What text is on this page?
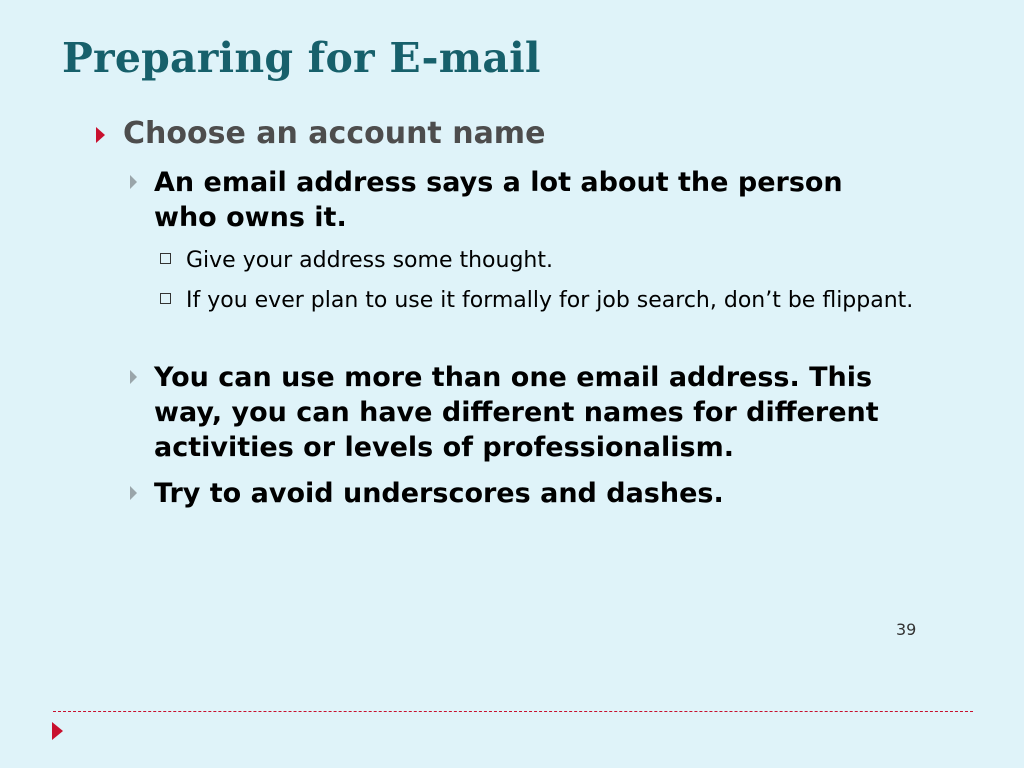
Preparing for E-mail
Choose an account name
An email address says a lot about the person who owns it.
Give your address some thought.
If you ever plan to use it formally for job search, don’t be flippant.
You can use more than one email address. This way, you can have different names for different activities or levels of professionalism.
Try to avoid underscores and dashes.
39
